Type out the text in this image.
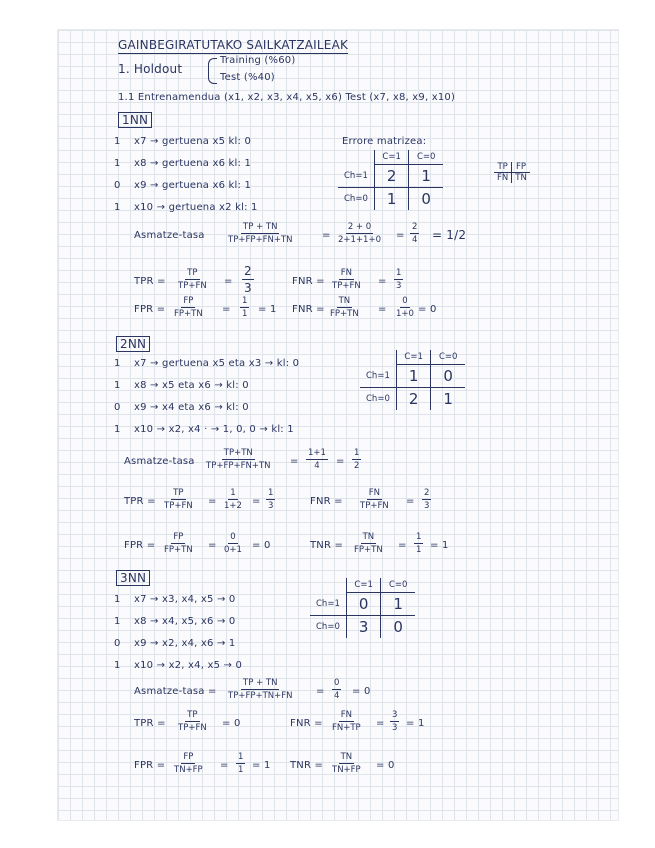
GAINBEGIRATUTAKO SAILKATZAILEAK
1. Holdout
Training (%60)
Test (%40)
1.1 Entrenamendua (x1, x2, x3, x4, x5, x6) Test (x7, x8, x9, x10)
1NN
1 x7 → gertuena x5 kl: 0
1 x8 → gertuena x6 kl: 1
0 x9 → gertuena x6 kl: 1
1 x10 → gertuena x2 kl: 1
Errore matrizea:
	C=1	C=0
Ch=1	2	1
Ch=0	1	0
TP	FP
FN	TN
Asmatze-tasa	$\frac{TP + TN}{TP+FP+FN+TN}$	= $\frac{2 + 0}{2+1+1+0} = \frac{2}{4} = 1/2$
TPR = $\frac{TP}{TP+FN} = \frac{2}{3}$	FNR = $\frac{FN}{TP+FN} = \frac{1}{3}$
FPR = $\frac{FP}{FP+TN} = \frac{1}{1} = 1$ FNR = $\frac{TN}{FP+TN} = \frac{0}{1+0} = 0$
2NN
1 x7 → gertuena x5 eta x3 → kl: 0
1 x8 → x5 eta x6 → kl: 0
0 x9 → x4 eta x6 → kl: 0
1 x10 → x2, x4 · → 1, 0, 0 → kl: 1
	C=1	C=0
Ch=1	1	0
Ch=0	2	1
Asmatze-tasa $\frac{TP+TN}{TP+FP+FN+TN} = \frac{1+1}{4} = \frac{1}{2}$
TPR = $\frac{TP}{TP+FN} = \frac{1}{1+2} = \frac{1}{3}$	FNR = $\frac{FN}{TP+FN} = \frac{2}{3}$
FPR = $\frac{FP}{FP+TN} = \frac{0}{0+1} = 0$	TNR = $\frac{TN}{FP+TN} = \frac{1}{1} = 1$
3NN
1 x7 → x3, x4, x5 → 0
1 x8 → x4, x5, x6 → 0
0 x9 → x2, x4, x6 → 1
1 x10 → x2, x4, x5 → 0
	C=1	C=0
Ch=1	0	1
Ch=0	3	0
Asmatze-tasa = $\frac{TP + TN}{TP+FP+TN+FN} = \frac{0}{4} = 0$
TPR = $\frac{TP}{TP+FN} = 0$	FNR = $\frac{FN}{FN+TP} = \frac{3}{3} = 1$
FPR = $\frac{FP}{TN+FP} = \frac{1}{1} = 1$ TNR = $\frac{TN}{TN+FP} = 0$
